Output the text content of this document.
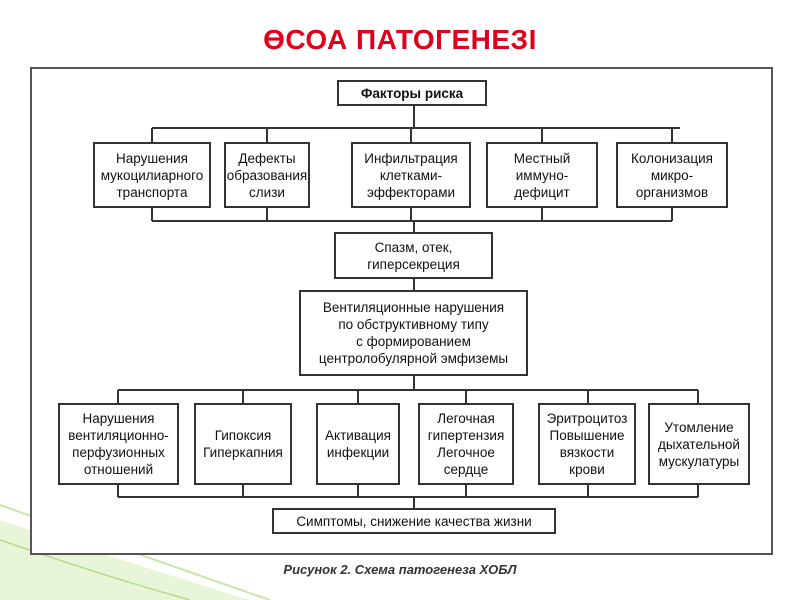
ӨСОА ПАТОГЕНЕЗІ
Факторы риска
Нарушения
мукоцилиарного
транспорта
Дефекты
образования
слизи
Инфильтрация
клетками-
эффекторами
Местный
иммуно-
дефицит
Колонизация
микро-
организмов
Спазм, отек,
гиперсекреция
Вентиляционные нарушения
по обструктивному типу
с формированием
центролобулярной эмфиземы
Нарушения
вентиляционно-
перфузионных
отношений
Гипоксия
Гиперкапния
Активация
инфекции
Легочная
гипертензия
Легочное
сердце
Эритроцитоз
Повышение
вязкости
крови
Утомление
дыхательной
мускулатуры
Симптомы, снижение качества жизни
Рисунок 2. Схема патогенеза ХОБЛ
